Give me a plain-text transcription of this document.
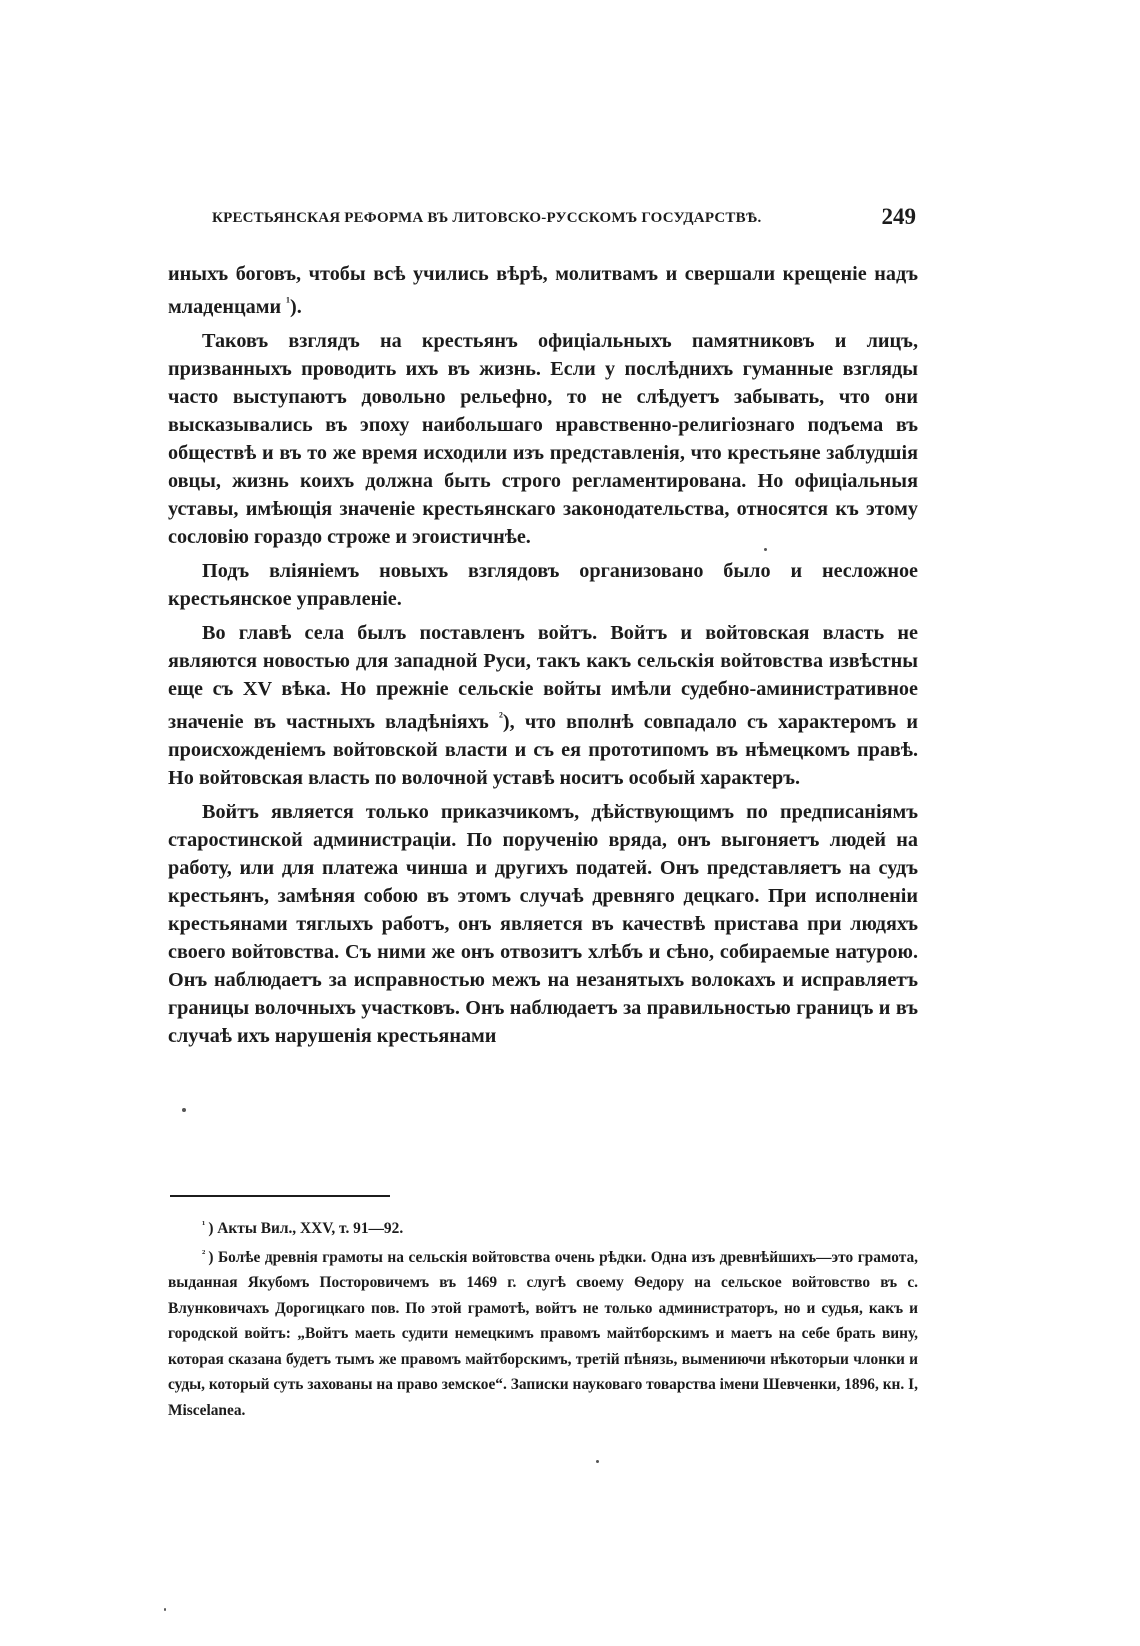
КРЕСТЬЯНСКАЯ РЕФОРМА ВЪ ЛИТОВСКО-РУССКОМЪ ГОСУДАРСТВѢ.	249

иныхъ боговъ, чтобы всѣ учились вѣрѣ, молитвамъ и свершали крещеніе надъ младенцами $^{^1}$).

Таковъ взглядъ на крестьянъ офиціальныхъ памятниковъ и лицъ, призванныхъ проводить ихъ въ жизнь. Если у послѣднихъ гуманные взгляды часто выступаютъ довольно рельефно, то не слѣдуетъ забывать, что они высказывались въ эпоху наибольшаго нравственно-религіознаго подъема въ обществѣ и въ то же время исходили изъ представленія, что крестьяне заблудшія овцы, жизнь коихъ должна быть строго регламентирована. Но офиціальныя уставы, имѣющія значеніе крестьянскаго законодательства, относятся къ этому сословію гораздо строже и эгоистичнѣе.

Подъ вліяніемъ новыхъ взглядовъ организовано было и несложное крестьянское управленіе.

Во главѣ села былъ поставленъ войтъ. Войтъ и войтовская власть не являются новостью для западной Руси, такъ какъ сельскія войтовства извѣстны еще съ XV вѣка. Но прежніе сельскіе войты имѣли судебно-аминистративное значеніе въ частныхъ владѣніяхъ $^{^2}$), что вполнѣ совпадало съ характеромъ и происхожденіемъ войтовской власти и съ ея прототипомъ въ нѣмецкомъ правѣ. Но войтовская власть по волочной уставѣ носитъ особый характеръ.

Войтъ является только приказчикомъ, дѣйствующимъ по предписаніямъ старостинской администраціи. По порученію вряда, онъ выгоняетъ людей на работу, или для платежа чинша и другихъ податей. Онъ представляетъ на судъ крестьянъ, замѣняя собою въ этомъ случаѣ древняго децкаго. При исполненіи крестьянами тяглыхъ работъ, онъ является въ качествѣ пристава при людяхъ своего войтовства. Съ ними же онъ отвозитъ хлѣбъ и сѣно, собираемые натурою. Онъ наблюдаетъ за исправностью межъ на незанятыхъ волокахъ и исправляетъ границы волочныхъ участковъ. Онъ наблюдаетъ за правильностью границъ и въ случаѣ ихъ нарушенія крестьянами

$^{^1}$ ) Акты Вил., XXV, т. 91—92.

$^{^2}$ ) Болѣе древнія грамоты на сельскія войтовства очень рѣдки. Одна изъ древнѣйшихъ—это грамота, выданная Якубомъ Посторовичемъ въ 1469 г. слугѣ своему Ѳедору на сельское войтовство въ с. Влунковичахъ Дорогицкаго пов. По этой грамотѣ, войтъ не только администраторъ, но и судья, какъ и городской войтъ: „Войтъ маеть судити немецкимъ правомъ майтборскимъ и маетъ на себе брать вину, которая сказана будетъ тымъ же правомъ майтборскимъ, третій пѣнязь, вымениючи нѣкоторыи члонки и суды, который суть захованы на право земское“. Записки науковаго товарства імени Шевченки, 1896, кн. I, Miscelanea.
